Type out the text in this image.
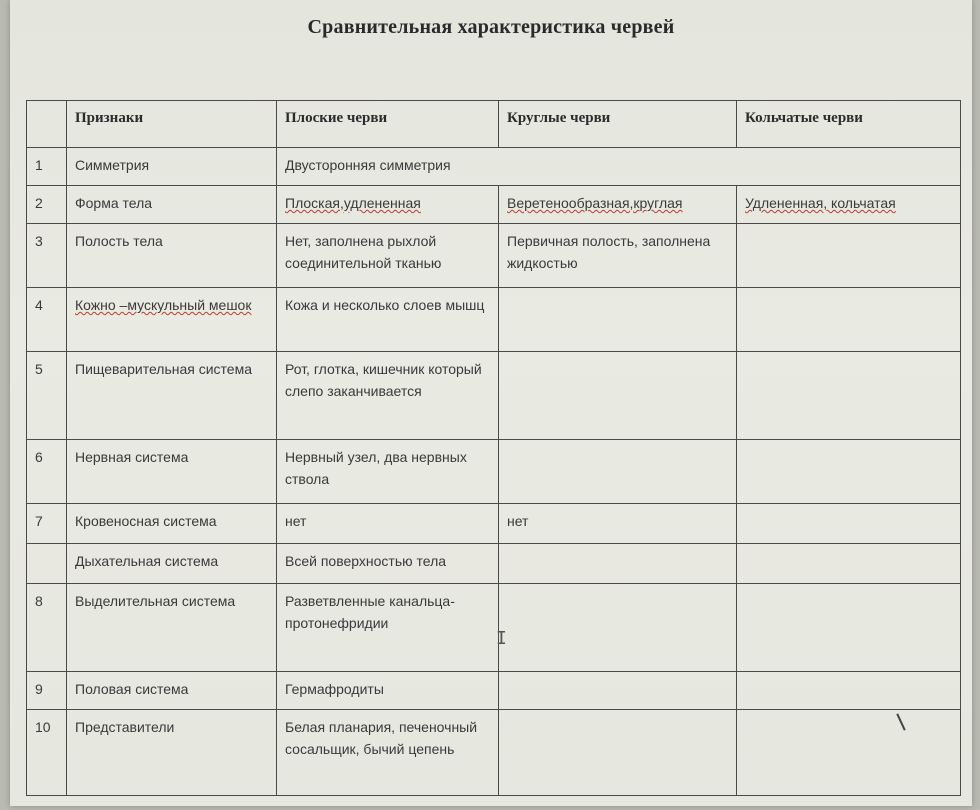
Сравнительная характеристика червей
	Признаки	Плоские черви	Круглые черви	Кольчатые черви
1	Симметрия	Двусторонняя симметрия		
2	Форма тела	Плоская,удлененная	Веретенообразная,круглая	Удлененная, кольчатая
3	Полость тела	Нет, заполнена рыхлой соединительной тканью	Первичная полость, заполнена жидкостью	
4	Кожно –мускульный мешок	Кожа и несколько слоев мышц		
5	Пищеварительная система	Рот, глотка, кишечник который слепо заканчивается		
6	Нервная система	Нервный узел, два нервных ствола		
7	Кровеносная система	нет	нет	
	Дыхательная система	Всей поверхностью тела		
8	Выделительная система	Разветвленные канальца-протонефридии		
9	Половая система	Гермафродиты		
10	Представители	Белая планария, печеночный сосальщик, бычий цепень		
I
